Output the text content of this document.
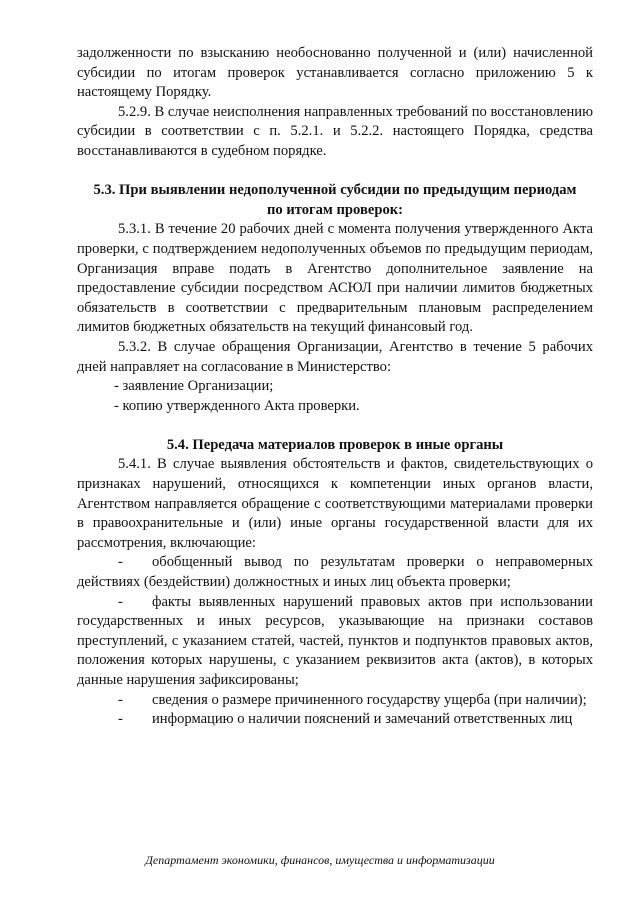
задолженности по взысканию необоснованно полученной и (или) начисленной субсидии по итогам проверок устанавливается согласно приложению 5 к настоящему Порядку.

5.2.9. В случае неисполнения направленных требований по восстановлению субсидии в соответствии с п. 5.2.1. и 5.2.2. настоящего Порядка, средства восстанавливаются в судебном порядке.

5.3. При выявлении недополученной субсидии по предыдущим периодам

по итогам проверок:

5.3.1. В течение 20 рабочих дней с момента получения утвержденного Акта проверки, с подтверждением недополученных объемов по предыдущим периодам, Организация вправе подать в Агентство дополнительное заявление на предоставление субсидии посредством АСЮЛ при наличии лимитов бюджетных обязательств в соответствии с предварительным плановым распределением лимитов бюджетных обязательств на текущий финансовый год.

5.3.2. В случае обращения Организации, Агентство в течение 5 рабочих дней направляет на согласование в Министерство:

- заявление Организации;

- копию утвержденного Акта проверки.

5.4. Передача материалов проверок в иные органы

5.4.1. В случае выявления обстоятельств и фактов, свидетельствующих о признаках нарушений, относящихся к компетенции иных органов власти, Агентством направляется обращение с соответствующими материалами проверки в правоохранительные и (или) иные органы государственной власти для их рассмотрения, включающие:

- обобщенный вывод по результатам проверки о неправомерных действиях (бездействии) должностных и иных лиц объекта проверки;

- факты выявленных нарушений правовых актов при использовании государственных и иных ресурсов, указывающие на признаки составов преступлений, с указанием статей, частей, пунктов и подпунктов правовых актов, положения которых нарушены, с указанием реквизитов акта (актов), в которых данные нарушения зафиксированы;

- сведения о размере причиненного государству ущерба (при наличии);

- информацию о наличии пояснений и замечаний ответственных лиц

Департамент экономики, финансов, имущества и информатизации
